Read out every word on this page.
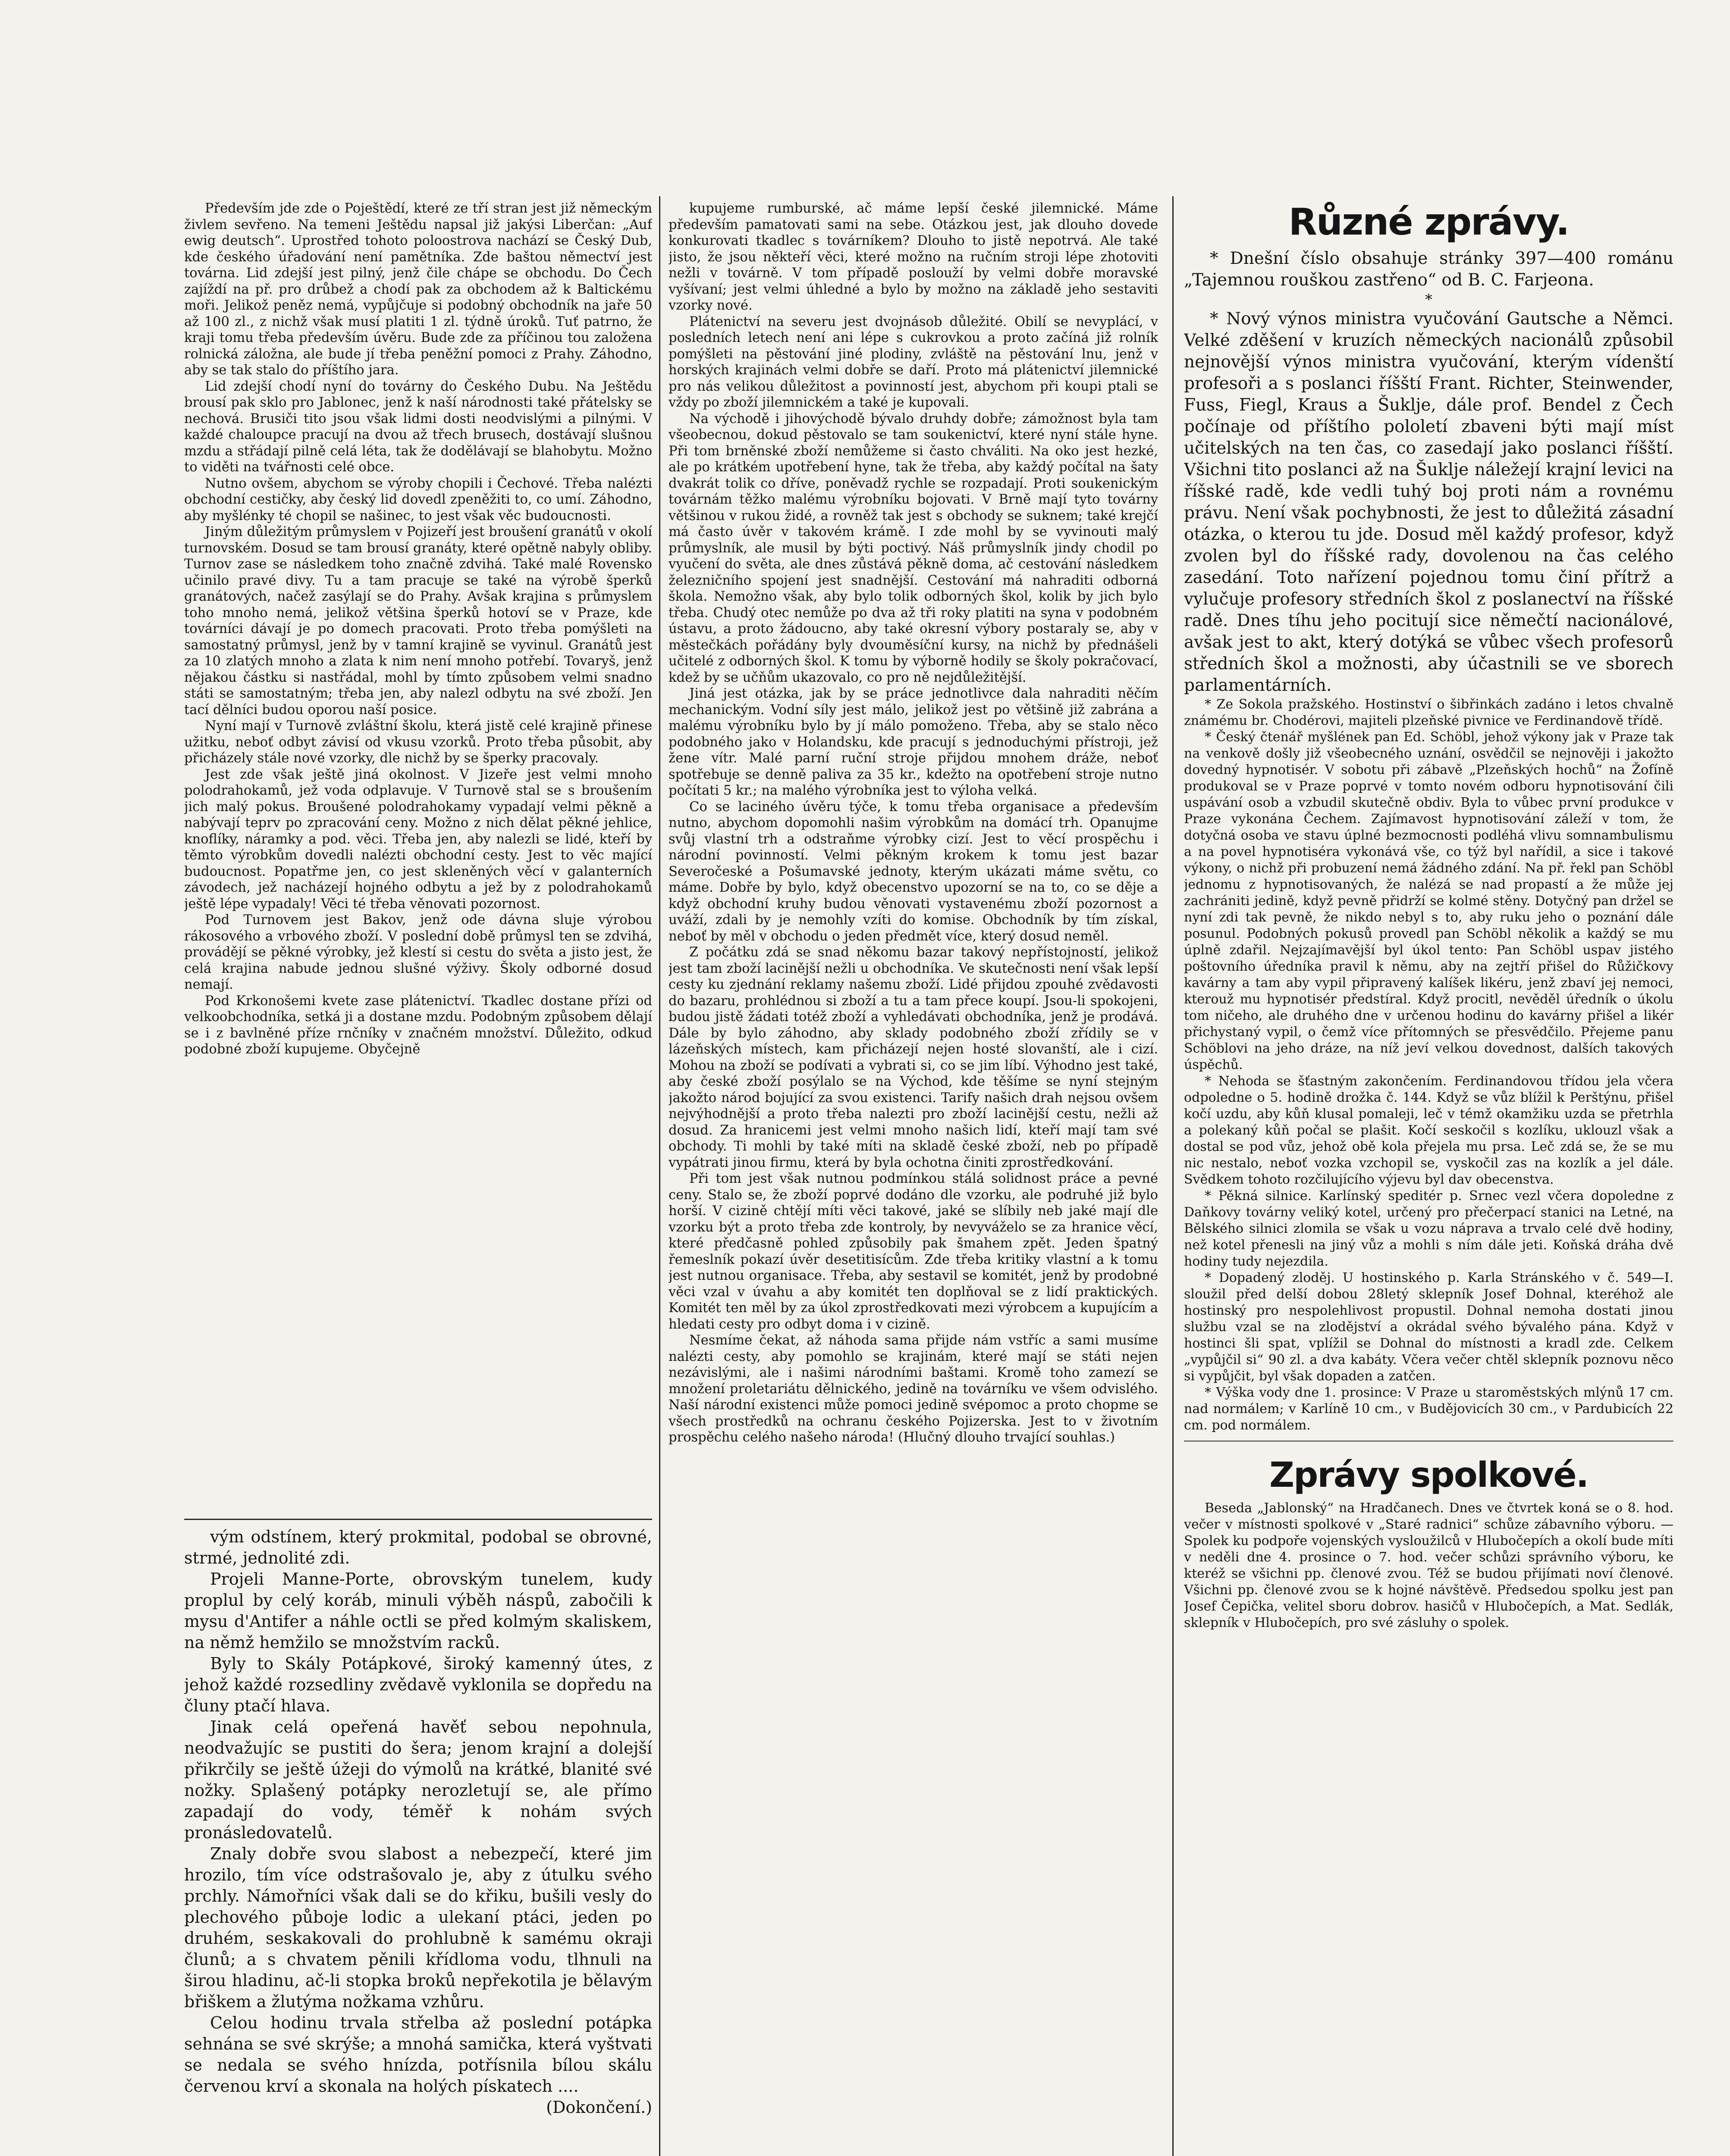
Především jde zde o Poještědí, které ze tří stran jest již německým živlem sevřeno. Na temeni Ještědu napsal již jakýsi Liberčan: „Auf ewig deutsch“. Uprostřed tohoto poloostrova nachází se Český Dub, kde českého úřadování není pamětníka. Zde baštou němectví jest továrna. Lid zdejší jest pilný, jenž čile chápe se obchodu. Do Čech zajíždí na př. pro drůbež a chodí pak za obchodem až k Baltickému moři. Jelikož peněz nemá, vypůjčuje si podobný obchodník na jaře 50 až 100 zl., z nichž však musí platiti 1 zl. týdně úroků. Tuť patrno, že kraji tomu třeba především úvěru. Bude zde za příčinou tou založena rolnická záložna, ale bude jí třeba peněžní pomoci z Prahy. Záhodno, aby se tak stalo do příštího jara.

Lid zdejší chodí nyní do továrny do Českého Dubu. Na Ještědu brousí pak sklo pro Jablonec, jenž k naší národnosti také přátelsky se nechová. Brusiči tito jsou však lidmi dosti neodvislými a pilnými. V každé chaloupce pracují na dvou až třech brusech, dostávají slušnou mzdu a střádají pilně celá léta, tak že dodělávají se blahobytu. Možno to viděti na tvářnosti celé obce.

Nutno ovšem, abychom se výroby chopili i Čechové. Třeba nalézti obchodní cestičky, aby český lid dovedl zpeněžiti to, co umí. Záhodno, aby myšlénky té chopil se našinec, to jest však věc budoucnosti.

Jiným důležitým průmyslem v Pojizeří jest broušení granátů v okolí turnovském. Dosud se tam brousí granáty, které opětně nabyly obliby. Turnov zase se následkem toho značně zdvihá. Také malé Rovensko učinilo pravé divy. Tu a tam pracuje se také na výrobě šperků granátových, načež zasýlají se do Prahy. Avšak krajina s průmyslem toho mnoho nemá, jelikož většina šperků hotoví se v Praze, kde továrníci dávají je po domech pracovati. Proto třeba pomýšleti na samostatný průmysl, jenž by v tamní krajině se vyvinul. Granátů jest za 10 zlatých mnoho a zlata k nim není mnoho potřebí. Tovaryš, jenž nějakou částku si nastřádal, mohl by tímto způsobem velmi snadno státi se samostatným; třeba jen, aby nalezl odbytu na své zboží. Jen tací dělníci budou oporou naší posice.

Nyní mají v Turnově zvláštní školu, která jistě celé krajině přinese užitku, neboť odbyt závisí od vkusu vzorků. Proto třeba působit, aby přicházely stále nové vzorky, dle nichž by se šperky pracovaly.

Jest zde však ještě jiná okolnost. V Jizeře jest velmi mnoho polodrahokamů, jež voda odplavuje. V Turnově stal se s broušením jich malý pokus. Broušené polodrahokamy vypadají velmi pěkně a nabývají teprv po zpracování ceny. Možno z nich dělat pěkné jehlice, knoflíky, náramky a pod. věci. Třeba jen, aby nalezli se lidé, kteří by těmto výrobkům dovedli nalézti obchodní cesty. Jest to věc mající budoucnost. Popatřme jen, co jest skleněných věcí v galanterních závodech, jež nacházejí hojného odbytu a jež by z polodrahokamů ještě lépe vypadaly! Věci té třeba věnovati pozornost.

Pod Turnovem jest Bakov, jenž ode dávna sluje výrobou rákosového a vrbového zboží. V poslední době průmysl ten se zdvihá, provádějí se pěkné výrobky, jež klestí si cestu do světa a jisto jest, že celá krajina nabude jednou slušné výživy. Školy odborné dosud nemají.

Pod Krkonošemi kvete zase plátenictví. Tkadlec dostane přízi od velkoobchodníka, setká ji a dostane mzdu. Podobným způsobem dělají se i z bavlněné příze rnčníky v značném množství. Důležito, odkud podobné zboží kupujeme. Obyčejně

vým odstínem, který prokmital, podobal se obrovné, strmé, jednolité zdi.

Projeli Manne-Porte, obrovským tunelem, kudy proplul by celý koráb, minuli výběh náspů, zabočili k mysu d'Antifer a náhle octli se před kolmým skaliskem, na němž hemžilo se množstvím racků.

Byly to Skály Potápkové, široký kamenný útes, z jehož každé rozsedliny zvědavě vyklonila se dopředu na čluny ptačí hlava.

Jinak celá opeřená havěť sebou nepohnula, neodvažujíc se pustiti do šera; jenom krajní a dolejší přikrčily se ještě úžeji do výmolů na krátké, blanité své nožky. Splašený potápky nerozletují se, ale přímo zapadají do vody, téměř k nohám svých pronásledovatelů.

Znaly dobře svou slabost a nebezpečí, které jim hrozilo, tím více odstrašovalo je, aby z útulku svého prchly. Námořníci však dali se do křiku, bušili vesly do plechového půboje lodic a ulekaní ptáci, jeden po druhém, seskakovali do prohlubně k samému okraji člunů; a s chvatem pěnili křídloma vodu, tlhnuli na širou hladinu, ač-li stopka broků nepřekotila je bělavým břiškem a žlutýma nožkama vzhůru.

Celou hodinu trvala střelba až poslední potápka sehnána se své skrýše; a mnohá samička, která vyštvati se nedala se svého hnízda, potřísnila bílou skálu červenou krví a skonala na holých pískatech ....

(Dokončení.)

kupujeme rumburské, ač máme lepší české jilemnické. Máme především pamatovati sami na sebe. Otázkou jest, jak dlouho dovede konkurovati tkadlec s továrníkem? Dlouho to jistě nepotrvá. Ale také jisto, že jsou někteří věci, které možno na ručním stroji lépe zhotoviti nežli v továrně. V tom případě poslouží by velmi dobře moravské vyšívaní; jest velmi úhledné a bylo by možno na základě jeho sestaviti vzorky nové.

Plátenictví na severu jest dvojnásob důležité. Obilí se nevyplácí, v posledních letech není ani lépe s cukrovkou a proto začíná již rolník pomýšleti na pěstování jiné plodiny, zvláště na pěstování lnu, jenž v horských krajinách velmi dobře se daří. Proto má plátenictví jilemnické pro nás velikou důležitost a povinností jest, abychom při koupi ptali se vždy po zboží jilemnickém a také je kupovali.

Na východě i jihovýchodě bývalo druhdy dobře; zámožnost byla tam všeobecnou, dokud pěstovalo se tam soukenictví, které nyní stále hyne. Při tom brněnské zboží nemůžeme si často chváliti. Na oko jest hezké, ale po krátkém upotřebení hyne, tak že třeba, aby každý počítal na šaty dvakrát tolik co dříve, poněvadž rychle se rozpadají. Proti soukenickým továrnám těžko malému výrobníku bojovati. V Brně mají tyto továrny většinou v rukou židé, a rovněž tak jest s obchody se suknem; také krejčí má často úvěr v takovém krámě. I zde mohl by se vyvinouti malý průmyslník, ale musil by býti poctivý. Náš průmyslník jindy chodil po vyučení do světa, ale dnes zůstává pěkně doma, ač cestování následkem železničního spojení jest snadnější. Cestování má nahraditi odborná škola. Nemožno však, aby bylo tolik odborných škol, kolik by jich bylo třeba. Chudý otec nemůže po dva až tři roky platiti na syna v podobném ústavu, a proto žádoucno, aby také okresní výbory postaraly se, aby v městečkách pořádány byly dvouměsíční kursy, na nichž by přednášeli učitelé z odborných škol. K tomu by výborně hodily se školy pokračovací, kdež by se učňům ukazovalo, co pro ně nejdůležitější.

Jiná jest otázka, jak by se práce jednotlivce dala nahraditi něčím mechanickým. Vodní síly jest málo, jelikož jest po většině již zabrána a malému výrobníku bylo by jí málo pomoženo. Třeba, aby se stalo něco podobného jako v Holandsku, kde pracují s jednoduchými přístroji, jež žene vítr. Malé parní ruční stroje přijdou mnohem dráže, neboť spotřebuje se denně paliva za 35 kr., kdežto na opotřebení stroje nutno počítati 5 kr.; na malého výrobníka jest to výloha velká.

Co se laciného úvěru týče, k tomu třeba organisace a především nutno, abychom dopomohli našim výrobkům na domácí trh. Opanujme svůj vlastní trh a odstraňme výrobky cizí. Jest to věcí prospěchu i národní povinností. Velmi pěkným krokem k tomu jest bazar Severočeské a Pošumavské jednoty, kterým ukázati máme světu, co máme. Dobře by bylo, když obecenstvo upozorní se na to, co se děje a když obchodní kruhy budou věnovati vystavenému zboží pozornost a uváží, zdali by je nemohly vzíti do komise. Obchodník by tím získal, neboť by měl v obchodu o jeden předmět více, který dosud neměl.

Z počátku zdá se snad někomu bazar takový nepřístojností, jelikož jest tam zboží lacinější nežli u obchodníka. Ve skutečnosti není však lepší cesty ku zjednání reklamy našemu zboží. Lidé přijdou zpouhé zvědavosti do bazaru, prohlédnou si zboží a tu a tam přece koupí. Jsou-li spokojeni, budou jistě žádati totéž zboží a vyhledávati obchodníka, jenž je prodává. Dále by bylo záhodno, aby sklady podobného zboží zřídily se v lázeňských místech, kam přicházejí nejen hosté slovanští, ale i cizí. Mohou na zboží se podívati a vybrati si, co se jim líbí. Výhodno jest také, aby české zboží posýlalo se na Východ, kde těšíme se nyní stejným jakožto národ bojující za svou existenci. Tarify našich drah nejsou ovšem nejvýhodnější a proto třeba nalezti pro zboží lacinější cestu, nežli až dosud. Za hranicemi jest velmi mnoho našich lidí, kteří mají tam své obchody. Ti mohli by také míti na skladě české zboží, neb po případě vypátrati jinou firmu, která by byla ochotna činiti zprostředkování.

Při tom jest však nutnou podmínkou stálá solidnost práce a pevné ceny. Stalo se, že zboží poprvé dodáno dle vzorku, ale podruhé již bylo horší. V cizině chtějí míti věci takové, jaké se slíbily neb jaké mají dle vzorku být a proto třeba zde kontroly, by nevyváželo se za hranice věcí, které předčasně pohled způsobily pak šmahem zpět. Jeden špatný řemeslník pokazí úvěr desetitisícům. Zde třeba kritiky vlastní a k tomu jest nutnou organisace. Třeba, aby sestavil se komitét, jenž by prodobné věci vzal v úvahu a aby komitét ten doplňoval se z lidí praktických. Komitét ten měl by za úkol zprostředkovati mezi výrobcem a kupujícím a hledati cesty pro odbyt doma i v cizině.

Nesmíme čekat, až náhoda sama přijde nám vstříc a sami musíme nalézti cesty, aby pomohlo se krajinám, které mají se státi nejen nezávislými, ale i našimi národními baštami. Kromě toho zamezí se množení proletariátu dělnického, jedině na továrníku ve všem odvislého. Naší národní existenci může pomoci jedině svépomoc a proto chopme se všech prostředků na ochranu českého Pojizerska. Jest to v životním prospěchu celého našeho národa! (Hlučný dlouho trvající souhlas.)

Různé zprávy.

* Dnešní číslo obsahuje stránky 397—400 románu „Tajemnou rouškou zastřeno“ od B. C. Farjeona.

*

* Nový výnos ministra vyučování Gautsche a Němci. Velké zděšení v kruzích německých nacionálů způsobil nejnovější výnos ministra vyučování, kterým vídenští profesoři a s poslanci říšští Frant. Richter, Steinwender, Fuss, Fiegl, Kraus a Šuklje, dále prof. Bendel z Čech počínaje od příštího pololetí zbaveni býti mají míst učitelských na ten čas, co zasedají jako poslanci říšští. Všichni tito poslanci až na Šuklje náležejí krajní levici na říšské radě, kde vedli tuhý boj proti nám a rovnému právu. Není však pochybnosti, že jest to důležitá zásadní otázka, o kterou tu jde. Dosud měl každý profesor, když zvolen byl do říšské rady, dovolenou na čas celého zasedání. Toto nařízení pojednou tomu činí přítrž a vylučuje profesory středních škol z poslanectví na říšské radě. Dnes tíhu jeho pocitují sice němečtí nacionálové, avšak jest to akt, který dotýká se vůbec všech profesorů středních škol a možnosti, aby účastnili se ve sborech parlamentárních.

* Ze Sokola pražského. Hostinství o šibřinkách zadáno i letos chvalně známému br. Chodérovi, majiteli plzeňské pivnice ve Ferdinandově třídě.

* Český čtenář myšlének pan Ed. Schöbl, jehož výkony jak v Praze tak na venkově došly již všeobecného uznání, osvědčil se nejnověji i jakožto dovedný hypnotisér. V sobotu při zábavě „Plzeňských hochů“ na Žofíně produkoval se v Praze poprvé v tomto novém odboru hypnotisování čili uspávání osob a vzbudil skutečně obdiv. Byla to vůbec první produkce v Praze vykonána Čechem. Zajímavost hypnotisování záleží v tom, že dotyčná osoba ve stavu úplné bezmocnosti podléhá vlivu somnambulismu a na povel hypnotiséra vykonává vše, co týž byl nařídil, a sice i takové výkony, o nichž při probuzení nemá žádného zdání. Na př. řekl pan Schöbl jednomu z hypnotisovaných, že nalézá se nad propastí a že může jej zachrániti jedině, když pevně přidrží se kolmé stěny. Dotyčný pan držel se nyní zdi tak pevně, že nikdo nebyl s to, aby ruku jeho o poznání dále posunul. Podobných pokusů provedl pan Schöbl několik a každý se mu úplně zdařil. Nejzajímavější byl úkol tento: Pan Schöbl uspav jistého poštovního úředníka pravil k němu, aby na zejtří přišel do Růžičkovy kavárny a tam aby vypil připravený kalíšek likéru, jenž zbaví jej nemoci, kterouž mu hypnotisér předstíral. Když procitl, nevěděl úředník o úkolu tom ničeho, ale druhého dne v určenou hodinu do kavárny přišel a likér přichystaný vypil, o čemž více přítomných se přesvědčilo. Přejeme panu Schöblovi na jeho dráze, na níž jeví velkou dovednost, dalších takových úspěchů.

* Nehoda se šťastným zakončením. Ferdinandovou třídou jela včera odpoledne o 5. hodině drožka č. 144. Když se vůz blížil k Perštýnu, přišel kočí uzdu, aby kůň klusal pomaleji, leč v témž okamžiku uzda se přetrhla a polekaný kůň počal se plašit. Kočí seskočil s kozlíku, uklouzl však a dostal se pod vůz, jehož obě kola přejela mu prsa. Leč zdá se, že se mu nic nestalo, neboť vozka vzchopil se, vyskočil zas na kozlík a jel dále. Svědkem tohoto rozčilujícího výjevu byl dav obecenstva.

* Pěkná silnice. Karlínský speditér p. Srnec vezl včera dopoledne z Daňkovy továrny veliký kotel, určený pro přečerpací stanici na Letné, na Bělského silnici zlomila se však u vozu náprava a trvalo celé dvě hodiny, než kotel přenesli na jiný vůz a mohli s ním dále jeti. Koňská dráha dvě hodiny tudy nejezdila.

* Dopadený zloděj. U hostinského p. Karla Stránského v č. 549—I. sloužil před delší dobou 28letý sklepník Josef Dohnal, kteréhož ale hostinský pro nespolehlivost propustil. Dohnal nemoha dostati jinou službu vzal se na zlodějství a okrádal svého bývalého pána. Když v hostinci šli spat, vplížil se Dohnal do místnosti a kradl zde. Celkem „vypůjčil si“ 90 zl. a dva kabáty. Včera večer chtěl sklepník poznovu něco si vypůjčit, byl však dopaden a zatčen.

* Výška vody dne 1. prosince: V Praze u staroměstských mlýnů 17 cm. nad normálem; v Karlíně 10 cm., v Budějovicích 30 cm., v Pardubicích 22 cm. pod normálem.

Zprávy spolkové.

Beseda „Jablonský“ na Hradčanech. Dnes ve čtvrtek koná se o 8. hod. večer v místnosti spolkové v „Staré radnici“ schůze zábavního výboru. — Spolek ku podpoře vojenských vysloužilců v Hlubočepích a okolí bude míti v neděli dne 4. prosince o 7. hod. večer schůzi správního výboru, ke kteréž se všichni pp. členové zvou. Též se budou přijímati noví členové. Všichni pp. členové zvou se k hojné návštěvě. Předsedou spolku jest pan Josef Čepička, velitel sboru dobrov. hasičů v Hlubočepích, a Mat. Sedlák, sklepník v Hlubočepích, pro své zásluhy o spolek.
